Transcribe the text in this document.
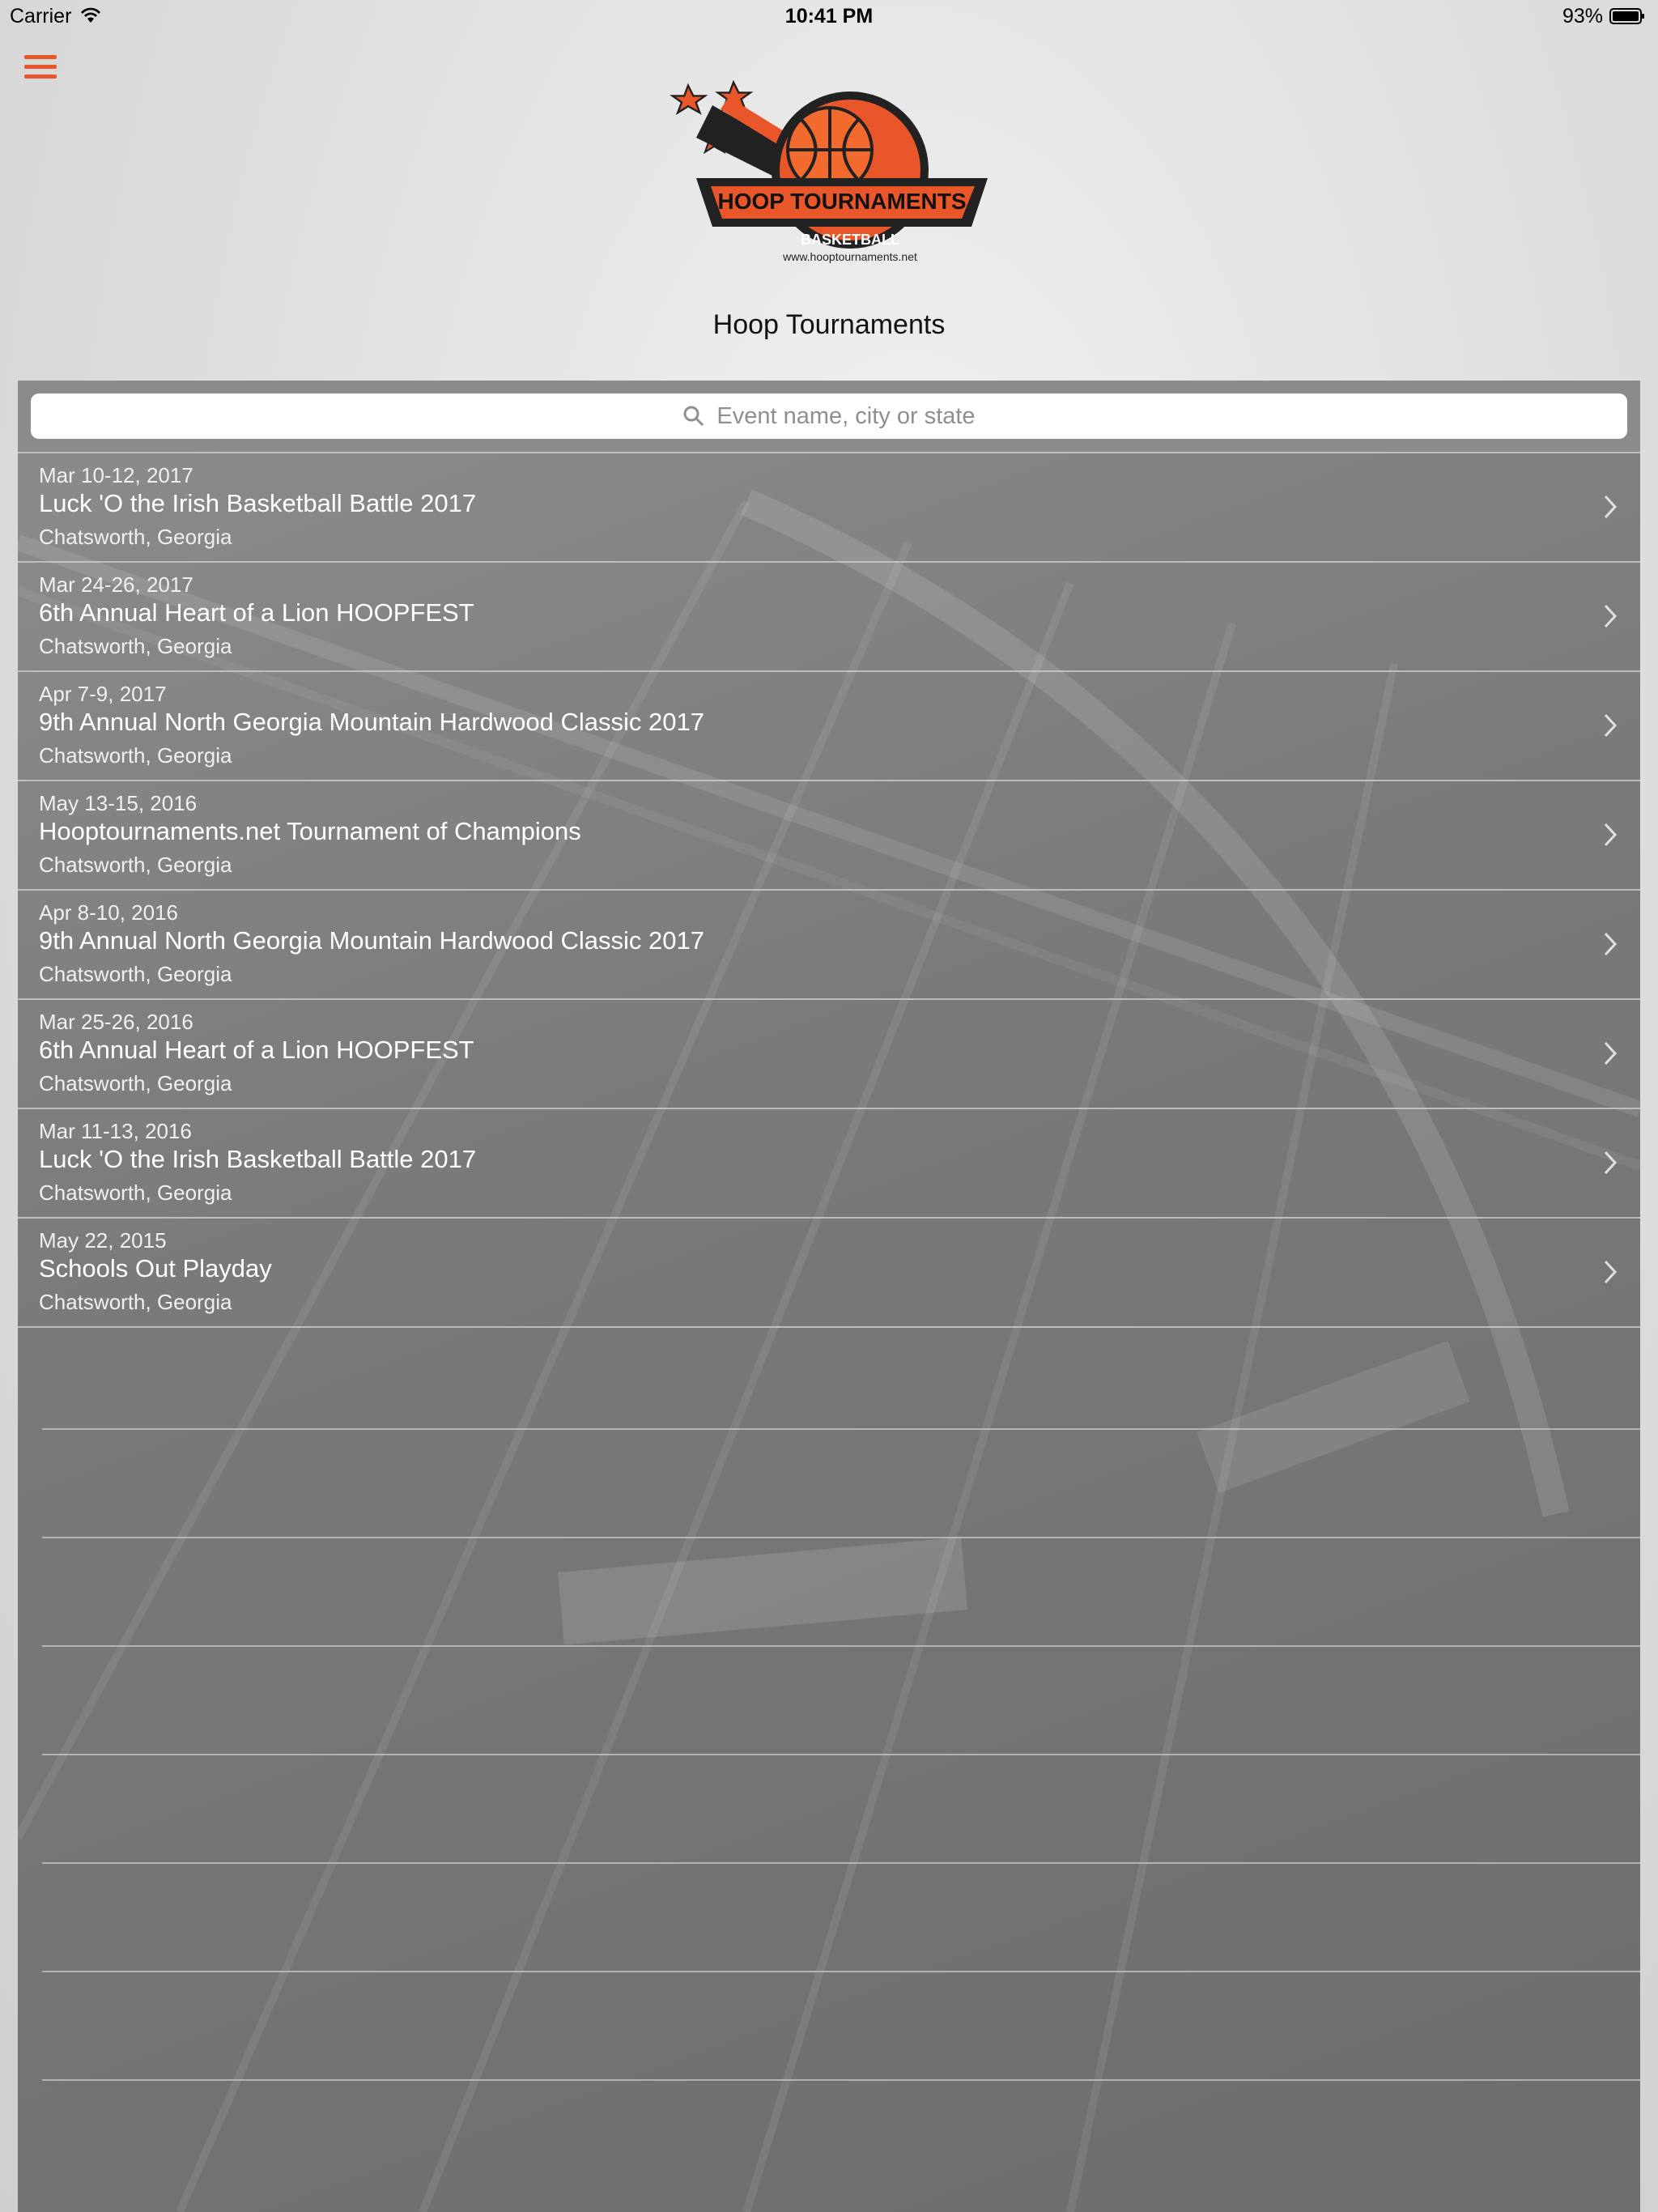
Carrier	10:41 PM	93%
HOOP TOURNAMENTS
BASKETBALL
www.hooptournaments.net
Hoop Tournaments
Event name, city or state
Mar 10-12, 2017
Luck 'O the Irish Basketball Battle 2017
Chatsworth, Georgia
Mar 24-26, 2017
6th Annual Heart of a Lion HOOPFEST
Chatsworth, Georgia
Apr 7-9, 2017
9th Annual North Georgia Mountain Hardwood Classic 2017
Chatsworth, Georgia
May 13-15, 2016
Hooptournaments.net Tournament of Champions
Chatsworth, Georgia
Apr 8-10, 2016
9th Annual North Georgia Mountain Hardwood Classic 2017
Chatsworth, Georgia
Mar 25-26, 2016
6th Annual Heart of a Lion HOOPFEST
Chatsworth, Georgia
Mar 11-13, 2016
Luck 'O the Irish Basketball Battle 2017
Chatsworth, Georgia
May 22, 2015
Schools Out Playday
Chatsworth, Georgia
